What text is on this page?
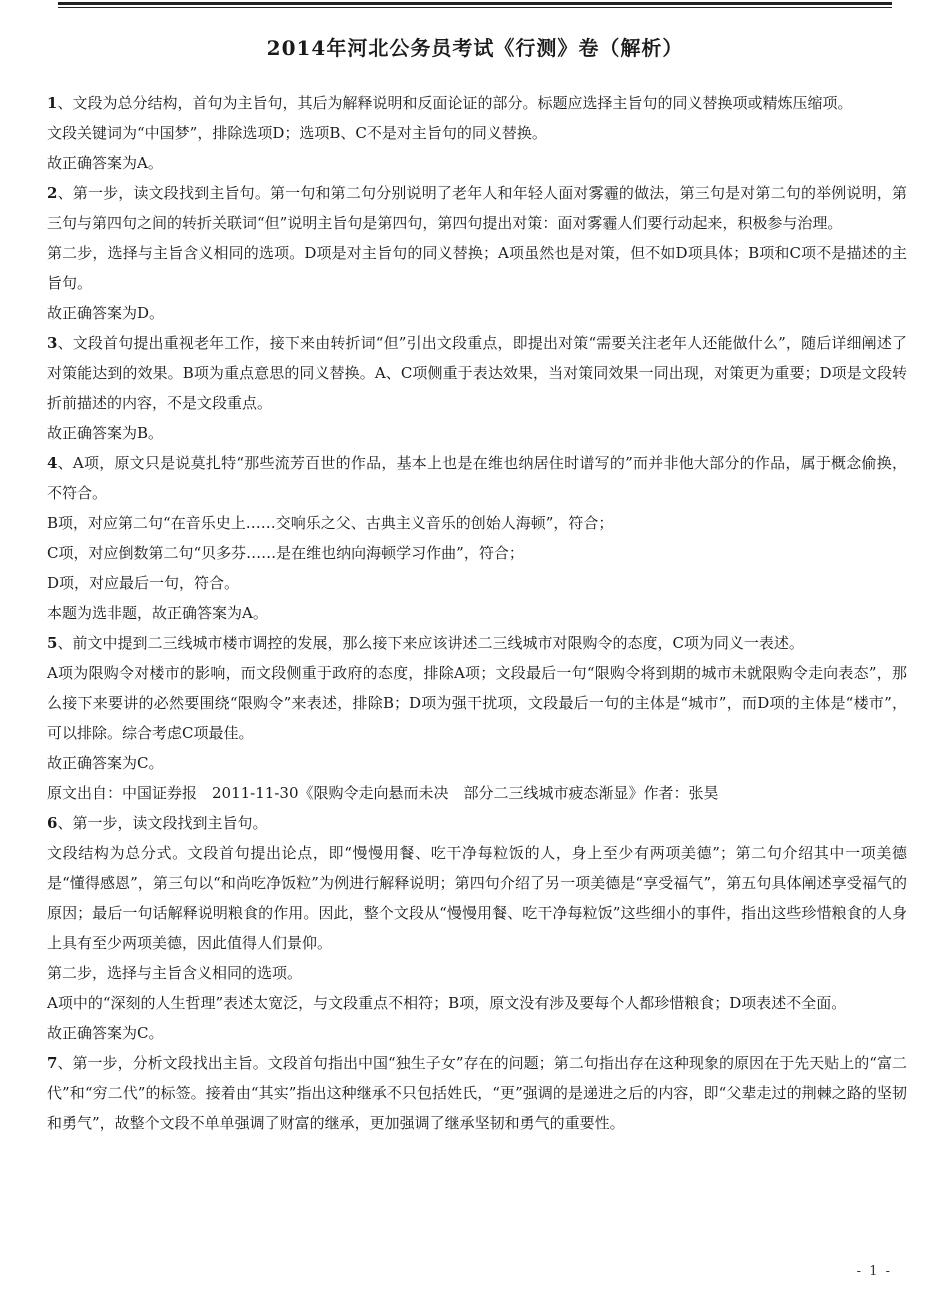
2014年河北公务员考试《行测》卷（解析）

1、文段为总分结构，首句为主旨句，其后为解释说明和反面论证的部分。标题应选择主旨句的同义替换项或精炼压缩项。

文段关键词为“中国梦”，排除选项D；选项B、C不是对主旨句的同义替换。

故正确答案为A。

2、第一步，读文段找到主旨句。第一句和第二句分别说明了老年人和年轻人面对雾霾的做法，第三句是对第二句的举例说明，第三句与第四句之间的转折关联词“但”说明主旨句是第四句，第四句提出对策：面对雾霾人们要行动起来，积极参与治理。

第二步，选择与主旨含义相同的选项。D项是对主旨句的同义替换；A项虽然也是对策，但不如D项具体；B项和C项不是描述的主旨句。

故正确答案为D。

3、文段首句提出重视老年工作，接下来由转折词“但”引出文段重点，即提出对策“需要关注老年人还能做什么”，随后详细阐述了对策能达到的效果。B项为重点意思的同义替换。A、C项侧重于表达效果，当对策同效果一同出现，对策更为重要；D项是文段转折前描述的内容，不是文段重点。

故正确答案为B。

4、A项，原文只是说莫扎特“那些流芳百世的作品，基本上也是在维也纳居住时谱写的”而并非他大部分的作品，属于概念偷换，不符合。

B项，对应第二句“在音乐史上……交响乐之父、古典主义音乐的创始人海顿”，符合；

C项，对应倒数第二句“贝多芬……是在维也纳向海顿学习作曲”，符合；

D项，对应最后一句，符合。

本题为选非题，故正确答案为A。

5、前文中提到二三线城市楼市调控的发展，那么接下来应该讲述二三线城市对限购令的态度，C项为同义一表述。

A项为限购令对楼市的影响，而文段侧重于政府的态度，排除A项；文段最后一句“限购令将到期的城市未就限购令走向表态”，那么接下来要讲的必然要围绕“限购令”来表述，排除B；D项为强干扰项，文段最后一句的主体是“城市”，而D项的主体是“楼市”，可以排除。综合考虑C项最佳。

故正确答案为C。

原文出自：中国证券报　2011-11-30《限购令走向悬而未决　部分二三线城市疲态渐显》作者：张昊

6、第一步，读文段找到主旨句。

文段结构为总分式。文段首句提出论点，即“慢慢用餐、吃干净每粒饭的人，身上至少有两项美德”；第二句介绍其中一项美德是“懂得感恩”，第三句以“和尚吃净饭粒”为例进行解释说明；第四句介绍了另一项美德是“享受福气”，第五句具体阐述享受福气的原因；最后一句话解释说明粮食的作用。因此，整个文段从“慢慢用餐、吃干净每粒饭”这些细小的事件，指出这些珍惜粮食的人身上具有至少两项美德，因此值得人们景仰。

第二步，选择与主旨含义相同的选项。

A项中的“深刻的人生哲理”表述太宽泛，与文段重点不相符；B项，原文没有涉及要每个人都珍惜粮食；D项表述不全面。

故正确答案为C。

7、第一步，分析文段找出主旨。文段首句指出中国“独生子女”存在的问题；第二句指出存在这种现象的原因在于先天贴上的“富二代”和“穷二代”的标签。接着由“其实”指出这种继承不只包括姓氏，“更”强调的是递进之后的内容，即“父辈走过的荆棘之路的坚韧和勇气”，故整个文段不单单强调了财富的继承，更加强调了继承坚韧和勇气的重要性。

- 1 -
